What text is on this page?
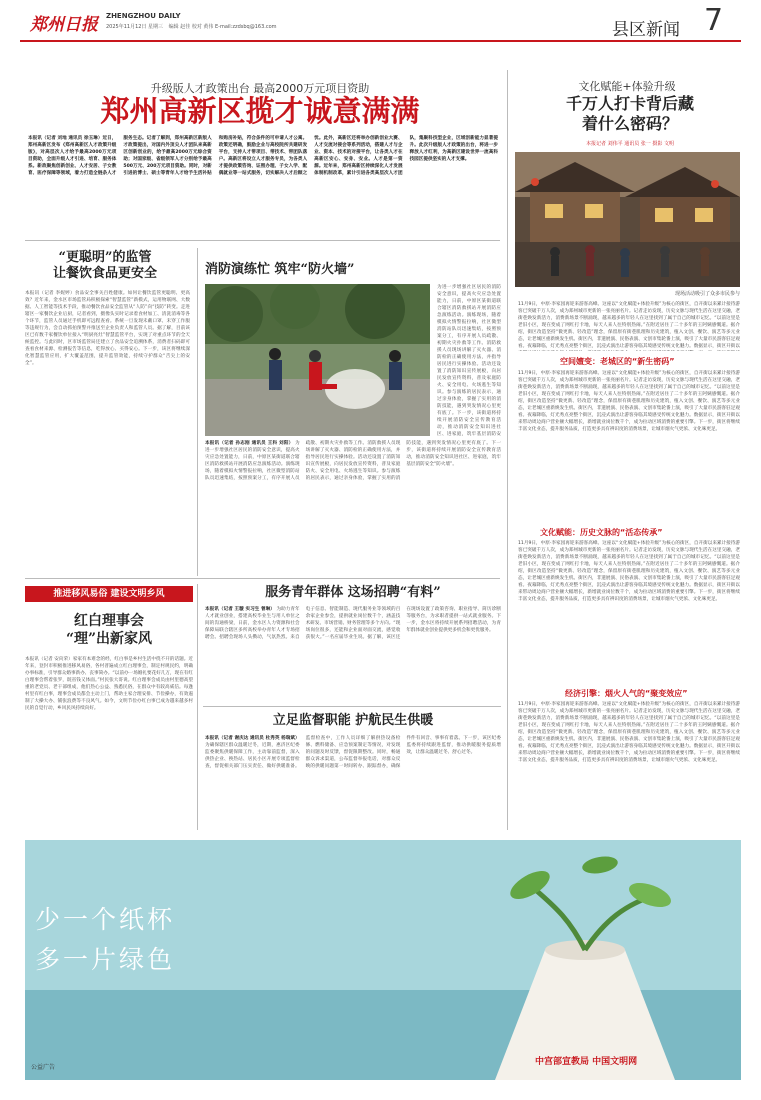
郑州日报 ZHENGZHOU DAILY
2025年11月12日 星期三 编辑 赵佳 校对 黄伟 E-mail:zzdsbq@163.com	县区新闻 7
升级版人才政策出台 最高2000万元项目资助
郑州高新区揽才诚意满满
本报讯（记者 刘地 通讯员 徐玉琳）近日，郑州高新区发布《郑州高新区人才政策升级版》，对高层次人才给予最高2000万元项目资助，全面升级人才引进、培育、服务体系。新政聚焦创新创业、人才安居、子女教育、医疗保障等领域，着力打造全链条人才服务生态。记者了解到，郑州高新区新版人才政策提出，对国内外顶尖人才团队来高新区创新创业的，给予最高2000万元综合资助；对国家级、省级领军人才分别给予最高500万元、200万元项目资助。同时，对新引进的博士、硕士等青年人才给予生活补贴和购房补贴，符合条件的可申请人才公寓。政策还明确，鼓励企业与高校院所共建研发平台，支持人才带项目、带技术、带团队落户。高新区将设立人才服务专员，为各类人才提供政策咨询、证照办理、子女入学、配偶就业等一站式服务，切实解决人才后顾之忧。此外，高新区还将举办创新创业大赛、人才交流对接会等系列活动，搭建人才与企业、资本、技术的对接平台，让各类人才在高新区安心、安身、安业。人才是第一资源。近年来，郑州高新区持续深化人才发展体制机制改革，累计引进各类高层次人才团队，集聚科技型企业，区域创新能力显著提升。此次升级版人才政策的出台，将进一步释放人才红利，为高新区建设世界一流高科技园区提供坚实的人才支撑。
文化赋能+体验升级
千万人打卡背后藏着什么密码？
本报记者 刘伟平 通讯员 张一 摄影 文明
现场活动吸引了众多市民参与
11月9日，中原·李家园再迎来游客高峰。这座以“文化赋能+体验升级”为核心的街区，自开街以来累计接待游客已突破千万人次，成为郑州城市更新的一张亮丽名片。记者走访发现，历史文脉与现代生活在这里交融，老街巷焕发新活力，消费新场景不断涌现，越来越多的年轻人在这里找到了属于自己的城市记忆。“以前这里是老旧小区，现在变成了网红打卡地，每天人来人往特别热闹。”在附近居住了二十多年的王阿姨感慨道。据介绍，街区改造坚持“微更新、轻改造”理念，保留原有街巷肌理和历史建筑，植入文创、餐饮、演艺等多元业态，让老城区重新焕发生机。街区内，非遗展演、民俗表演、文创市集轮番上演，吸引了大量市民游客驻足观看。夜幕降临，灯光秀点亮整个街区，沉浸式演出让游客身临其境感受传统文化魅力。数据显示，街区开街以
空间嬗变：老城区的“新生密码”
11月9日，中原·李家园再迎来游客高峰。这座以“文化赋能+体验升级”为核心的街区，自开街以来累计接待游客已突破千万人次，成为郑州城市更新的一张亮丽名片。记者走访发现，历史文脉与现代生活在这里交融，老街巷焕发新活力，消费新场景不断涌现，越来越多的年轻人在这里找到了属于自己的城市记忆。“以前这里是老旧小区，现在变成了网红打卡地，每天人来人往特别热闹。”在附近居住了二十多年的王阿姨感慨道。据介绍，街区改造坚持“微更新、轻改造”理念，保留原有街巷肌理和历史建筑，植入文创、餐饮、演艺等多元业态，让老城区重新焕发生机。街区内，非遗展演、民俗表演、文创市集轮番上演，吸引了大量市民游客驻足观看。夜幕降临，灯光秀点亮整个街区，沉浸式演出让游客身临其境感受传统文化魅力。数据显示，街区开街以来带动周边商户营业额大幅增长，新增就业岗位数千个，成为拉动区域消费的重要引擎。下一步，街区将继续丰富文化业态，提升服务品质，打造更多具有辨识度的消费场景，让城市烟火气更浓、文化味更足。
文化赋能：历史文脉的“活态传承”
11月9日，中原·李家园再迎来游客高峰。这座以“文化赋能+体验升级”为核心的街区，自开街以来累计接待游客已突破千万人次，成为郑州城市更新的一张亮丽名片。记者走访发现，历史文脉与现代生活在这里交融，老街巷焕发新活力，消费新场景不断涌现，越来越多的年轻人在这里找到了属于自己的城市记忆。“以前这里是老旧小区，现在变成了网红打卡地，每天人来人往特别热闹。”在附近居住了二十多年的王阿姨感慨道。据介绍，街区改造坚持“微更新、轻改造”理念，保留原有街巷肌理和历史建筑，植入文创、餐饮、演艺等多元业态，让老城区重新焕发生机。街区内，非遗展演、民俗表演、文创市集轮番上演，吸引了大量市民游客驻足观看。夜幕降临，灯光秀点亮整个街区，沉浸式演出让游客身临其境感受传统文化魅力。数据显示，街区开街以来带动周边商户营业额大幅增长，新增就业岗位数千个，成为拉动区域消费的重要引擎。下一步，街区将继续丰富文化业态，提升服务品质，打造更多具有辨识度的消费场景，让城市烟火气更浓、文化味更足。
经济引擎：烟火人气的“聚变效应”
11月9日，中原·李家园再迎来游客高峰。这座以“文化赋能+体验升级”为核心的街区，自开街以来累计接待游客已突破千万人次，成为郑州城市更新的一张亮丽名片。记者走访发现，历史文脉与现代生活在这里交融，老街巷焕发新活力，消费新场景不断涌现，越来越多的年轻人在这里找到了属于自己的城市记忆。“以前这里是老旧小区，现在变成了网红打卡地，每天人来人往特别热闹。”在附近居住了二十多年的王阿姨感慨道。据介绍，街区改造坚持“微更新、轻改造”理念，保留原有街巷肌理和历史建筑，植入文创、餐饮、演艺等多元业态，让老城区重新焕发生机。街区内，非遗展演、民俗表演、文创市集轮番上演，吸引了大量市民游客驻足观看。夜幕降临，灯光秀点亮整个街区，沉浸式演出让游客身临其境感受传统文化魅力。数据显示，街区开街以来带动周边商户营业额大幅增长，新增就业岗位数千个，成为拉动区域消费的重要引擎。下一步，街区将继续丰富文化业态，提升服务品质，打造更多具有辨识度的消费场景，让城市烟火气更浓、文化味更足。
“更聪明”的监管
让餐饮食品更安全
本报讯（记者 李妮婷）食品安全事关百姓健康。如何让餐饮监管更聪明、更高效？近年来，金水区市场监管局积极探索“智慧监管”新模式，运用物联网、大数据、人工智能等技术手段，推动餐饮食品安全监管从“人防”向“技防”转变。走进辖区一家餐饮企业后厨，记者看到，摄像头实时记录着食材加工、清洗消毒等各个环节，监管人员通过手机即可远程查看。系统一旦发现未戴口罩、未穿工作服等违规行为，会自动抓拍预警并推送至企业负责人和监管人员。据了解，目前该区已有数千家餐饮单位接入“明厨亮灶”智慧监管平台，实现了对重点环节的全天候监控。与此同时，区市场监管局还建立了食品安全追溯体系，消费者扫码即可查看食材来源、检测报告等信息，吃得放心、买得安心。下一步，该区将继续深化智慧监管应用，扩大覆盖范围，提升监管效能，持续守护群众“舌尖上的安全”。
消防演练忙 筑牢“防火墙”
为进一步增强社区居民的消防安全意识，提高火灾应急处置能力，日前，中原区某街道联合辖区消防救援站开展消防应急演练活动。演练现场，随着模拟火情警报拉响，社区微型消防站队员迅速集结，按照预案分工，有序开展人员疏散、初期火灾扑救等工作。消防救援人员现场讲解了灭火器、消防栓的正确使用方法，并指导居民进行实操体验。活动还设置了消防知识宣传展板，向居民发放宣传资料，普及家庭防火、安全用电、火场逃生等知识。参与演练的居民表示，通过亲身体验，掌握了实用的消防技能，遇到突发情况心里更有底了。下一步，该街道将持续开展消防安全宣传教育活动，推动消防安全知识进社区、进家庭，筑牢基层消防安
本报讯（记者 孙志刚 通讯员 王科 刘阳） 为进一步增强社区居民的消防安全意识，提高火灾应急处置能力，日前，中原区某街道联合辖区消防救援站开展消防应急演练活动。演练现场，随着模拟火情警报拉响，社区微型消防站队员迅速集结，按照预案分工，有序开展人员疏散、初期火灾扑救等工作。消防救援人员现场讲解了灭火器、消防栓的正确使用方法，并指导居民进行实操体验。活动还设置了消防知识宣传展板，向居民发放宣传资料，普及家庭防火、安全用电、火场逃生等知识。参与演练的居民表示，通过亲身体验，掌握了实用的消防技能，遇到突发情况心里更有底了。下一步，该街道将持续开展消防安全宣传教育活动，推动消防安全知识进社区、进家庭，筑牢基层消防安全“防火墙”。
推进移风易俗 建设文明乡风
红白理事会
“理”出新家风
本报讯（记者 安向荣）家家有本难念的经，红白事是乡村生活中绕不开的话题。近年来，登封市积极推进移风易俗，各村普遍成立红白理事会，制定村规民约，明确办事标准，引导群众婚事新办、丧事简办。“以前办一场婚礼要花好几万，现在有红白理事会帮着张罗，既省钱又体面。”村民张大哥说。红白理事会成员由村里德高望重的老党员、老干部组成，他们热心公益、熟悉民俗，在群众中有较高威信。每逢村里有红白事，理事会成员都会主动上门，帮助主家合理安排、节俭操办，有效遏制了大操大办、铺张浪费等不良风气。如今，文明节俭办红白事已成为越来越多村民的自觉行动，乡风民风持续向好。
服务青年群体 这场招聘“有料”
本报讯（记者 王璇 实习生 曾琳） 为助力青年人才就业创业，搭建高校毕业生与用人单位之间的沟通桥梁，日前，金水区人力资源和社会保障局联合辖区多所高校举办青年人才专场招聘会。招聘会现场人头攒动，气氛热烈。来自电子信息、智能制造、现代服务业等领域的百余家企业参会，提供就业岗位数千个，涵盖技术研发、市场营销、财务管理等多个方向。“现场岗位很多，还能和企业面对面交流，感觉收获很大。”一名应届毕业生说。据了解，该区还在现场设置了政策咨询、职业指导、简历诊断等服务台，为求职者提供一站式就业服务。下一步，金水区将持续开展系列招聘活动，为青年群体就业创业提供更多机会和更优服务。
立足监督职能 护航民生供暖
本报讯（记者 谢庆达 通讯员 杜秀英 杨瑞斌） 为确保辖区群众温暖过冬，近期，惠济区纪委监委聚焦供暖保障工作，主动靠前监督，深入供热企业、换热站、居民小区开展专项监督检查，督促相关部门压实责任、做好供暖准备。监督检查中，工作人员详细了解供热设备检修、燃料储备、应急预案制定等情况，对发现的问题及时反馈，督促限期整改。同时，畅通群众诉求渠道，公布监督举报电话，对群众反映的供暖问题第一时间转办、跟踪督办，确保件件有回音、事事有着落。下一步，该区纪委监委将持续跟进监督，推动供暖服务提质增效，让群众温暖过冬、舒心过冬。
少一个纸杯
多一片绿色
公益广告
中宫部宣教局 中国文明网
